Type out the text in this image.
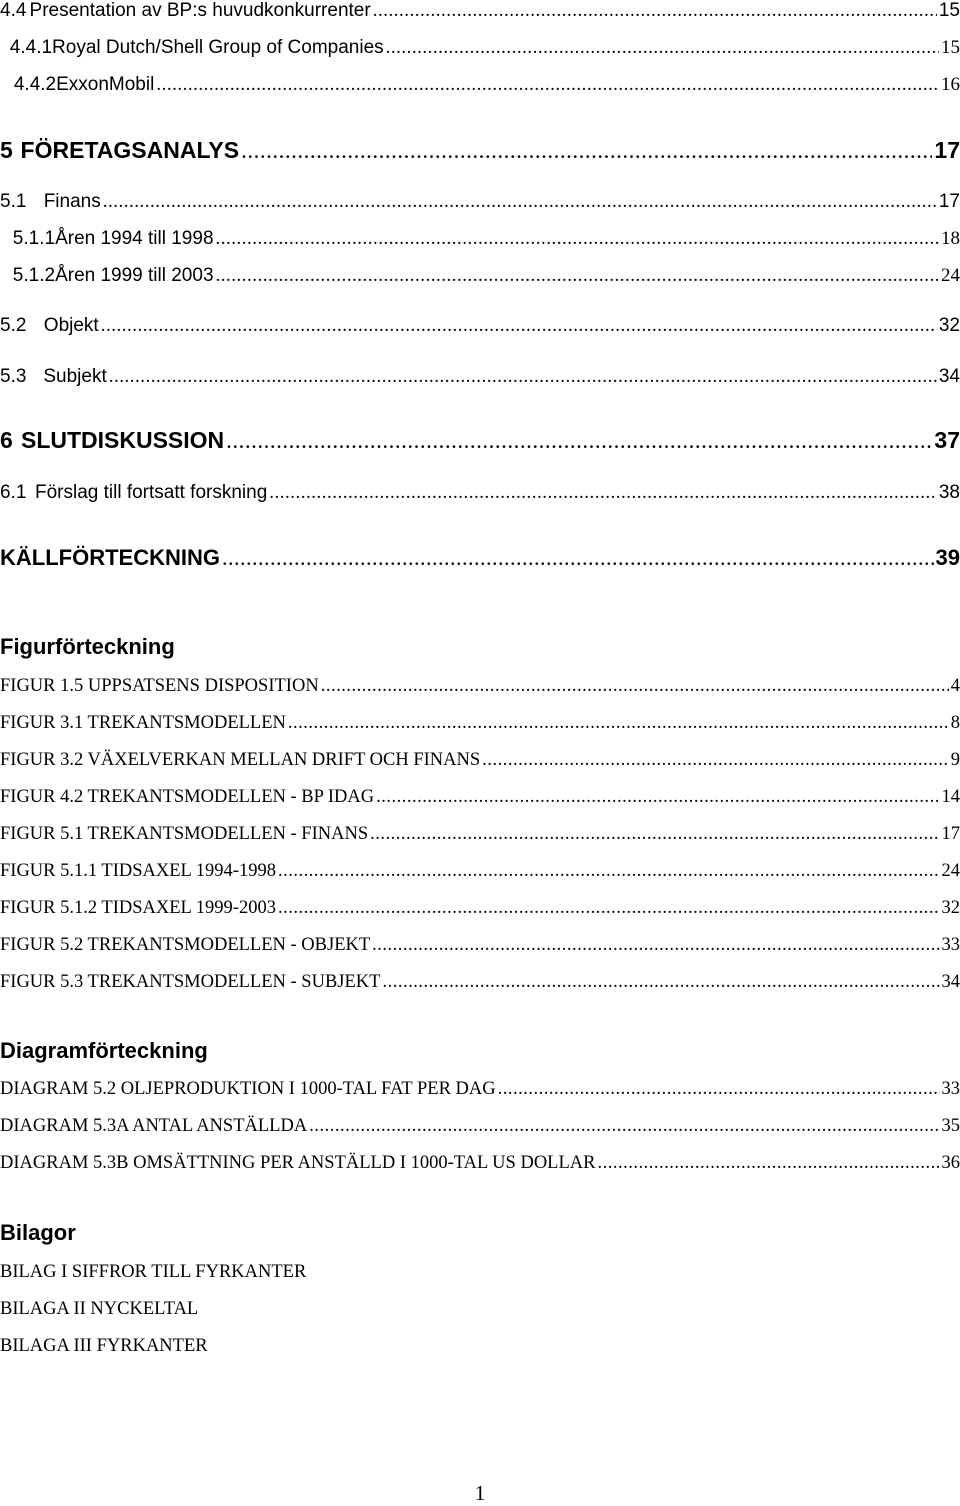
4.4 Presentation av BP:s huvudkonkurrenter .....	15
4.4.1 Royal Dutch/Shell Group of Companies .....	15
4.4.2 ExxonMobil .....	16
5 FÖRETAGSANALYS .....	17
5.1 Finans .....	17
5.1.1 Åren 1994 till 1998 .....	18
5.1.2 Åren 1999 till 2003 .....	24
5.2 Objekt .....	32
5.3 Subjekt .....	34
6 SLUTDISKUSSION .....	37
6.1 Förslag till fortsatt forskning .....	38
KÄLLFÖRTECKNING .....	39
Figurförteckning
FIGUR 1.5 UPPSATSENS DISPOSITION .....	4
FIGUR 3.1 TREKANTSMODELLEN .....	8
FIGUR 3.2 VÄXELVERKAN MELLAN DRIFT OCH FINANS .....	9
FIGUR 4.2 TREKANTSMODELLEN - BP IDAG .....	14
FIGUR 5.1 TREKANTSMODELLEN - FINANS .....	17
FIGUR 5.1.1 TIDSAXEL 1994-1998 .....	24
FIGUR 5.1.2 TIDSAXEL 1999-2003 .....	32
FIGUR 5.2 TREKANTSMODELLEN - OBJEKT .....	33
FIGUR 5.3 TREKANTSMODELLEN - SUBJEKT .....	34
Diagramförteckning
DIAGRAM 5.2 OLJEPRODUKTION I 1000-TAL FAT PER DAG .....	33
DIAGRAM 5.3A ANTAL ANSTÄLLDA .....	35
DIAGRAM 5.3B OMSÄTTNING PER ANSTÄLLD I 1000-TAL US DOLLAR .....	36
Bilagor
BILAG I SIFFROR TILL FYRKANTER
BILAGA II NYCKELTAL
BILAGA III FYRKANTER
1
